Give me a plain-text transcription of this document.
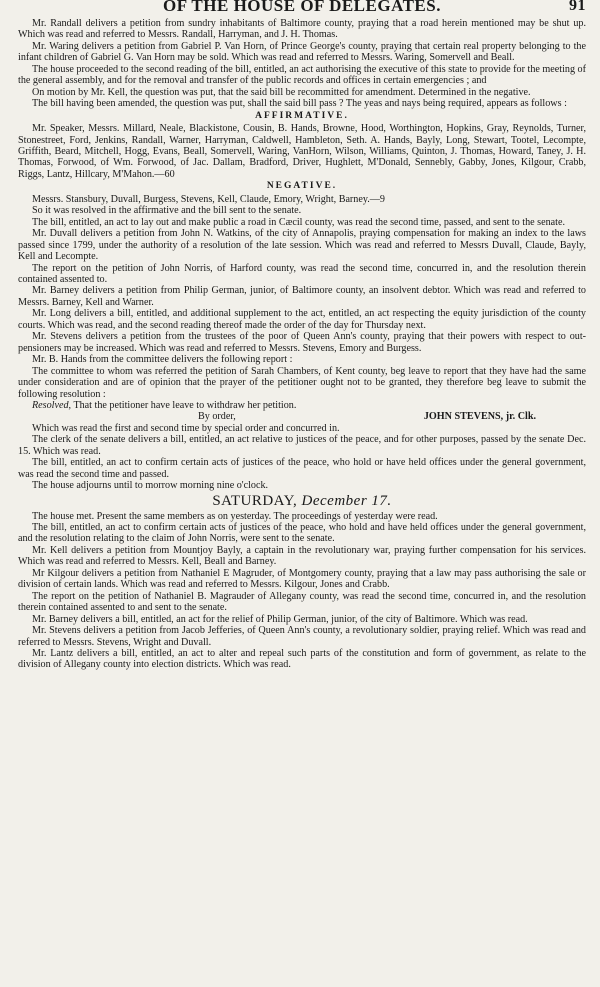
OF THE HOUSE OF DELEGATES.	91

Mr. Randall delivers a petition from sundry inhabitants of Baltimore county, praying that a road herein mentioned may be shut up. Which was read and referred to Messrs. Randall, Harryman, and J. H. Thomas.

Mr. Waring delivers a petition from Gabriel P. Van Horn, of Prince George's county, praying that certain real property belonging to the infant children of Gabriel G. Van Horn may be sold. Which was read and referred to Messrs. Waring, Somervell and Beall.

The house proceeded to the second reading of the bill, entitled, an act authorising the executive of this state to provide for the meeting of the general assembly, and for the removal and transfer of the public records and offices in certain emergencies ; and

On motion by Mr. Kell, the question was put, that the said bill be recommitted for amendment. Determined in the negative.

The bill having been amended, the question was put, shall the said bill pass ? The yeas and nays being required, appears as follows :

AFFIRMATIVE.

Mr. Speaker, Messrs. Millard, Neale, Blackistone, Cousin, B. Hands, Browne, Hood, Worthington, Hopkins, Gray, Reynolds, Turner, Stonestreet, Ford, Jenkins, Randall, Warner, Harryman, Caldwell, Hambleton, Seth. A. Hands, Bayly, Long, Stewart, Tootel, Lecompte, Griffith, Beard, Mitchell, Hogg, Evans, Beall, Somervell, Waring, VanHorn, Wilson, Williams, Quinton, J. Thomas, Howard, Taney, J. H. Thomas, Forwood, of Wm. Forwood, of Jac. Dallam, Bradford, Driver, Hughlett, M'Donald, Sennebly, Gabby, Jones, Kilgour, Crabb, Riggs, Lantz, Hillcary, M'Mahon.—60

NEGATIVE.

Messrs. Stansbury, Duvall, Burgess, Stevens, Kell, Claude, Emory, Wright, Barney.—9

So it was resolved in the affirmative and the bill sent to the senate.

The bill, entitled, an act to lay out and make public a road in Cæcil county, was read the second time, passed, and sent to the senate.

Mr. Duvall delivers a petition from John N. Watkins, of the city of Annapolis, praying compensation for making an index to the laws passed since 1799, under the authority of a resolution of the late session. Which was read and referred to Messrs Duvall, Claude, Bayly, Kell and Lecompte.

The report on the petition of John Norris, of Harford county, was read the second time, concurred in, and the resolution therein contained assented to.

Mr. Barney delivers a petition from Philip German, junior, of Baltimore county, an insolvent debtor. Which was read and referred to Messrs. Barney, Kell and Warner.

Mr. Long delivers a bill, entitled, and additional supplement to the act, entitled, an act respecting the equity jurisdiction of the county courts. Which was read, and the second reading thereof made the order of the day for Thursday next.

Mr. Stevens delivers a petition from the trustees of the poor of Queen Ann's county, praying that their powers with respect to out-pensioners may be increased. Which was read and referred to Messrs. Stevens, Emory and Burgess.

Mr. B. Hands from the committee delivers the following report :

The committee to whom was referred the petition of Sarah Chambers, of Kent county, beg leave to report that they have had the same under consideration and are of opinion that the prayer of the petitioner ought not to be granted, they therefore beg leave to submit the following resolution :

Resolved, That the petitioner have leave to withdraw her petition.

By order,	JOHN STEVENS, jr. Clk.

Which was read the first and second time by special order and concurred in.

The clerk of the senate delivers a bill, entitled, an act relative to justices of the peace, and for other purposes, passed by the senate Dec. 15. Which was read.

The bill, entitled, an act to confirm certain acts of justices of the peace, who hold or have held offices under the general government, was read the second time and passed.

The house adjourns until to morrow morning nine o'clock.

SATURDAY, December 17.

The house met. Present the same members as on yesterday. The proceedings of yesterday were read.

The bill, entitled, an act to confirm certain acts of justices of the peace, who hold and have held offices under the general government, and the resolution relating to the claim of John Norris, were sent to the senate.

Mr. Kell delivers a petition from Mountjoy Bayly, a captain in the revolutionary war, praying further compensation for his services. Which was read and referred to Messrs. Kell, Beall and Barney.

Mr Kilgour delivers a petition from Nathaniel E Magruder, of Montgomery county, praying that a law may pass authorising the sale or division of certain lands. Which was read and referred to Messrs. Kilgour, Jones and Crabb.

The report on the petition of Nathaniel B. Magrauder of Allegany county, was read the second time, concurred in, and the resolution therein contained assented to and sent to the senate.

Mr. Barney delivers a bill, entitled, an act for the relief of Philip German, junior, of the city of Baltimore. Which was read.

Mr. Stevens delivers a petition from Jacob Jefferies, of Queen Ann's county, a revolutionary soldier, praying relief. Which was read and referred to Messrs. Stevens, Wright and Duvall.

Mr. Lantz delivers a bill, entitled, an act to alter and repeal such parts of the constitution and form of government, as relate to the division of Allegany county into election districts. Which was read.
